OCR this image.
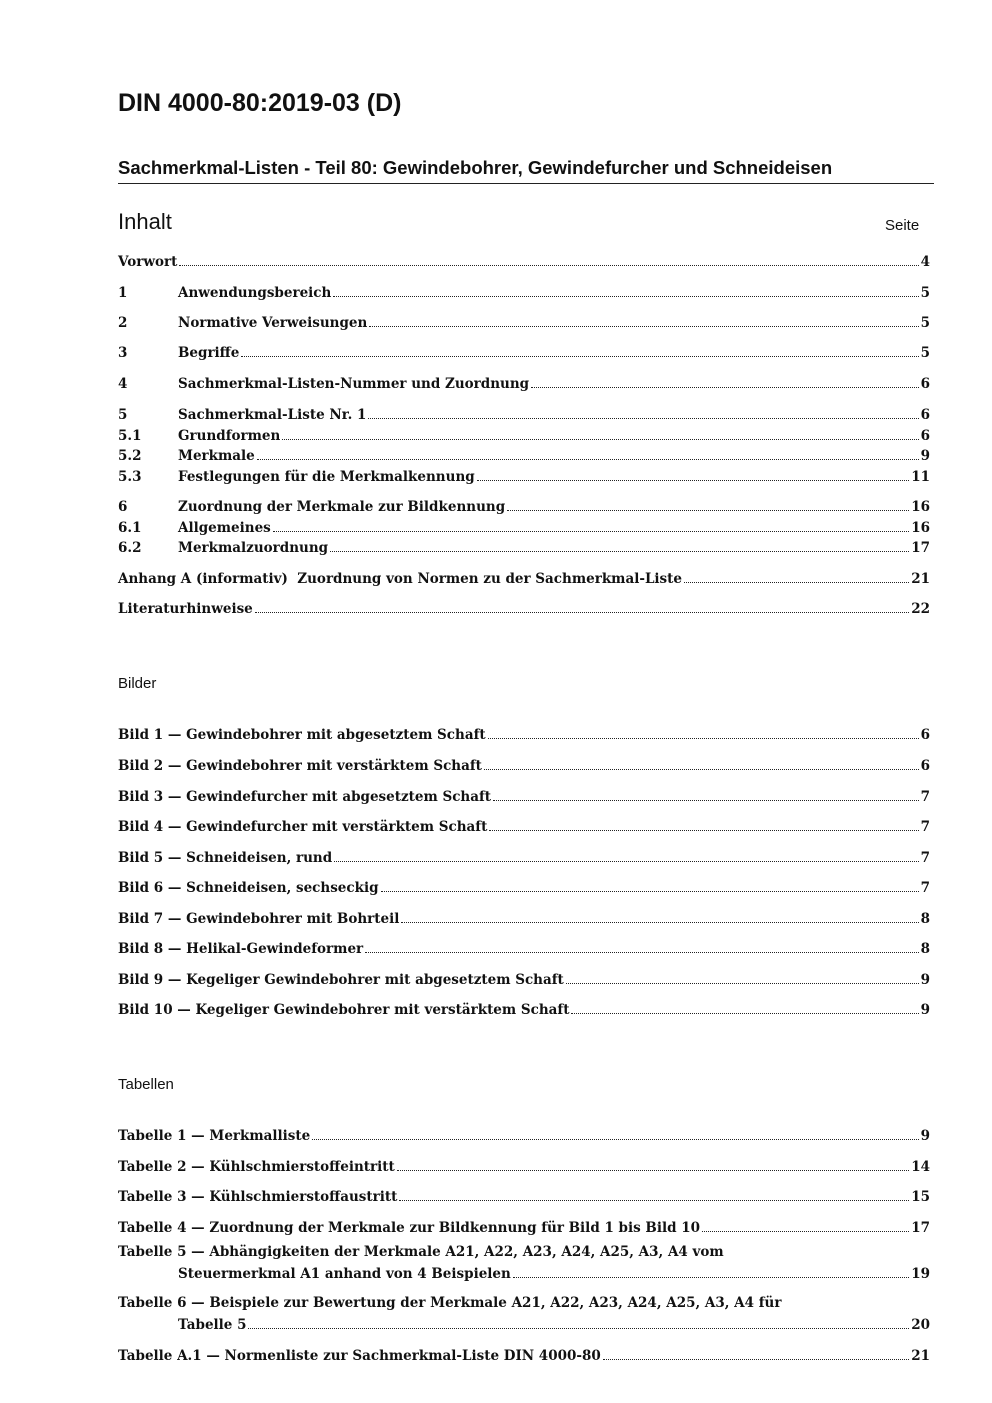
DIN 4000-80:2019-03 (D)
Sachmerkmal-Listen - Teil 80: Gewindebohrer, Gewindefurcher und Schneideisen
Inhalt	Seite
Vorwort	4
1	Anwendungsbereich	5
2	Normative Verweisungen	5
3	Begriffe	5
4	Sachmerkmal-Listen-Nummer und Zuordnung	6
5	Sachmerkmal-Liste Nr. 1	6
5.1	Grundformen	6
5.2	Merkmale	9
5.3	Festlegungen für die Merkmalkennung	11
6	Zuordnung der Merkmale zur Bildkennung	16
6.1	Allgemeines	16
6.2	Merkmalzuordnung	17
Anhang A (informativ)  Zuordnung von Normen zu der Sachmerkmal-Liste	21
Literaturhinweise	22
Bilder
Bild 1 — Gewindebohrer mit abgesetztem Schaft	6
Bild 2 — Gewindebohrer mit verstärktem Schaft	6
Bild 3 — Gewindefurcher mit abgesetztem Schaft	7
Bild 4 — Gewindefurcher mit verstärktem Schaft	7
Bild 5 — Schneideisen, rund	7
Bild 6 — Schneideisen, sechseckig	7
Bild 7 — Gewindebohrer mit Bohrteil	8
Bild 8 — Helikal-Gewindeformer	8
Bild 9 — Kegeliger Gewindebohrer mit abgesetztem Schaft	9
Bild 10 — Kegeliger Gewindebohrer mit verstärktem Schaft	9
Tabellen
Tabelle 1 — Merkmalliste	9
Tabelle 2 — Kühlschmierstoffeintritt	14
Tabelle 3 — Kühlschmierstoffaustritt	15
Tabelle 4 — Zuordnung der Merkmale zur Bildkennung für Bild 1 bis Bild 10	17
Tabelle 5 — Abhängigkeiten der Merkmale A21, A22, A23, A24, A25, A3, A4 vom
Steuermerkmal A1 anhand von 4 Beispielen	19
Tabelle 6 — Beispiele zur Bewertung der Merkmale A21, A22, A23, A24, A25, A3, A4 für
Tabelle 5	20
Tabelle A.1 — Normenliste zur Sachmerkmal-Liste DIN 4000-80	21
